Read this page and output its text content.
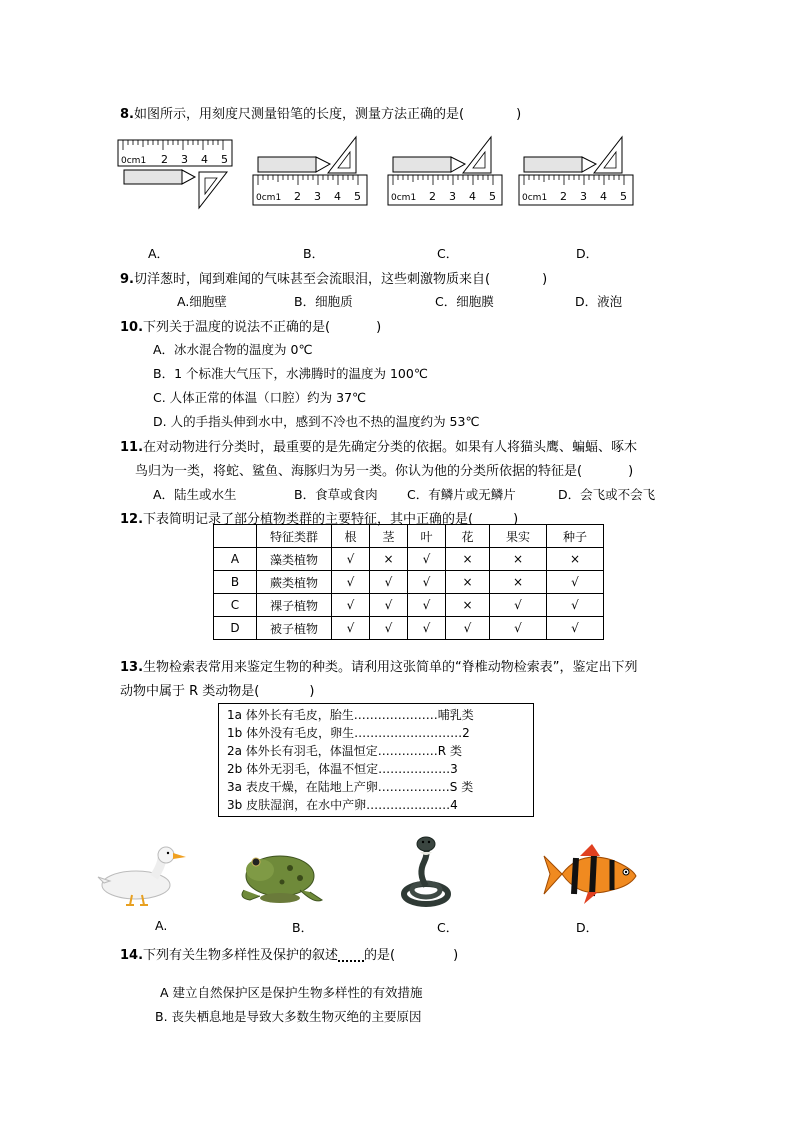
8.如图所示，用刻度尺测量铅笔的长度，测量方法正确的是(	)
0cm1 2 3 4 5
0cm1 2 3 4 5	0cm1 2 3 4 5	0cm1 2 3 4 5
A．	B．	C．	D．
9.切洋葱时，闻到难闻的气味甚至会流眼泪，这些刺激物质来自(	)
A.细胞壁	B．细胞质	C．细胞膜	D．液泡
10.下列关于温度的说法不正确的是(	)
A．冰水混合物的温度为 0℃
B．1 个标准大气压下，水沸腾时的温度为 100℃
C. 人体正常的体温（口腔）约为 37℃
D. 人的手指头伸到水中，感到不冷也不热的温度约为 53℃
11.在对动物进行分类时，最重要的是先确定分类的依据。如果有人将猫头鹰、蝙蝠、啄木
鸟归为一类，将蛇、鲨鱼、海豚归为另一类。你认为他的分类所依据的特征是(	)
A．陆生或水生	B．食草或食肉 C．有鳞片或无鳞片	D．会飞或不会飞
12.下表简明记录了部分植物类群的主要特征，其中正确的是(	)
	特征类群	根	茎	叶	花	果实	种子
A	藻类植物	√	×	√	×	×	×
B	蕨类植物	√	√	√	×	×	√
C	裸子植物	√	√	√	×	√	√
D	被子植物	√	√	√	√	√	√
13.生物检索表常用来鉴定生物的种类。请利用这张简单的“脊椎动物检索表”，鉴定出下列
动物中属于 R 类动物是(	)
1a 体外长有毛皮，胎生…………………哺乳类
1b 体外没有毛皮，卵生………………………2
2a 体外长有羽毛，体温恒定……………R 类
2b 体外无羽毛，体温不恒定………………3
3a 表皮干燥，在陆地上产卵………………S 类
3b 皮肤湿润，在水中产卵…………………4
A.	B．	C．	D．
14.下列有关生物多样性及保护的叙述 的是(	)
A 建立自然保护区是保护生物多样性的有效措施
B. 丧失栖息地是导致大多数生物灭绝的主要原因
